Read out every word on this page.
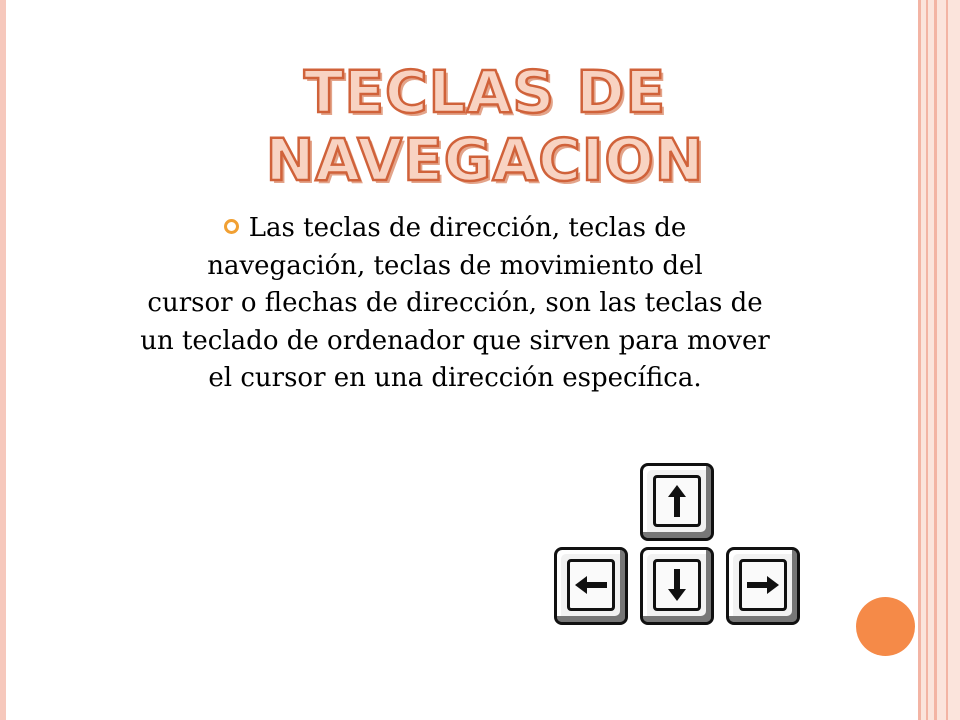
TECLAS DE NAVEGACION
Las teclas de dirección, teclas de
navegación, teclas de movimiento del
cursor o flechas de dirección, son las teclas de
un teclado de ordenador que sirven para mover
el cursor en una dirección específica.
